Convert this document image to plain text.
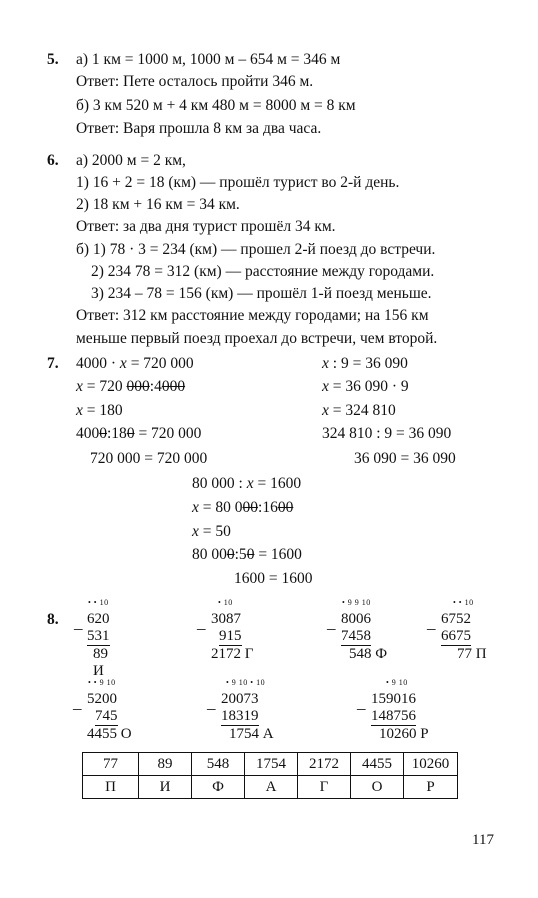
5. а) 1 км = 1000 м, 1000 м – 654 м = 346 м
Ответ: Пете осталось пройти 346 м.
б) 3 км 520 м + 4 км 480 м = 8000 м = 8 км
Ответ: Варя прошла 8 км за два часа.
6. а) 2000 м = 2 км,
1) 16 + 2 = 18 (км) — прошёл турист во 2-й день.
2) 18 км + 16 км = 34 км.
Ответ: за два дня турист прошёл 34 км.
б) 1) 78 · 3 = 234 (км) — прошел 2-й поезд до встречи.
2) 234 78 = 312 (км) — расстояние между городами.
3) 234 – 78 = 156 (км) — прошёл 1-й поезд меньше.
Ответ: 312 км расстояние между городами; на 156 км
меньше первый поезд проехал до встречи, чем второй.
7. 4000 · x = 720 000
x = 720 000:4000
x = 180
4000:180 = 720 000
720 000 = 720 000
x : 9 = 36 090
x = 36 090 · 9
x = 324 810
324 810 : 9 = 36 090
36 090 = 36 090
80 000 : x = 1600
x = 80 000:1600
x = 50
80 000:50 = 1600
1600 = 1600
8.
• • 10
620
531
89 И
_
• 10
3087
915
2172 Г
_
• 9 9 10
8006
7458
548 Ф
_
• • 10
6752
6675
77 П
_
• • 9 10
5200
745
4455 О
_
• 9 10 • 10
20073
18319
1754 А
_
• 9 10
159016
148756
10260 Р
_
77	89	548	1754	2172	4455	10260
П	И	Ф	А	Г	О	Р
117
